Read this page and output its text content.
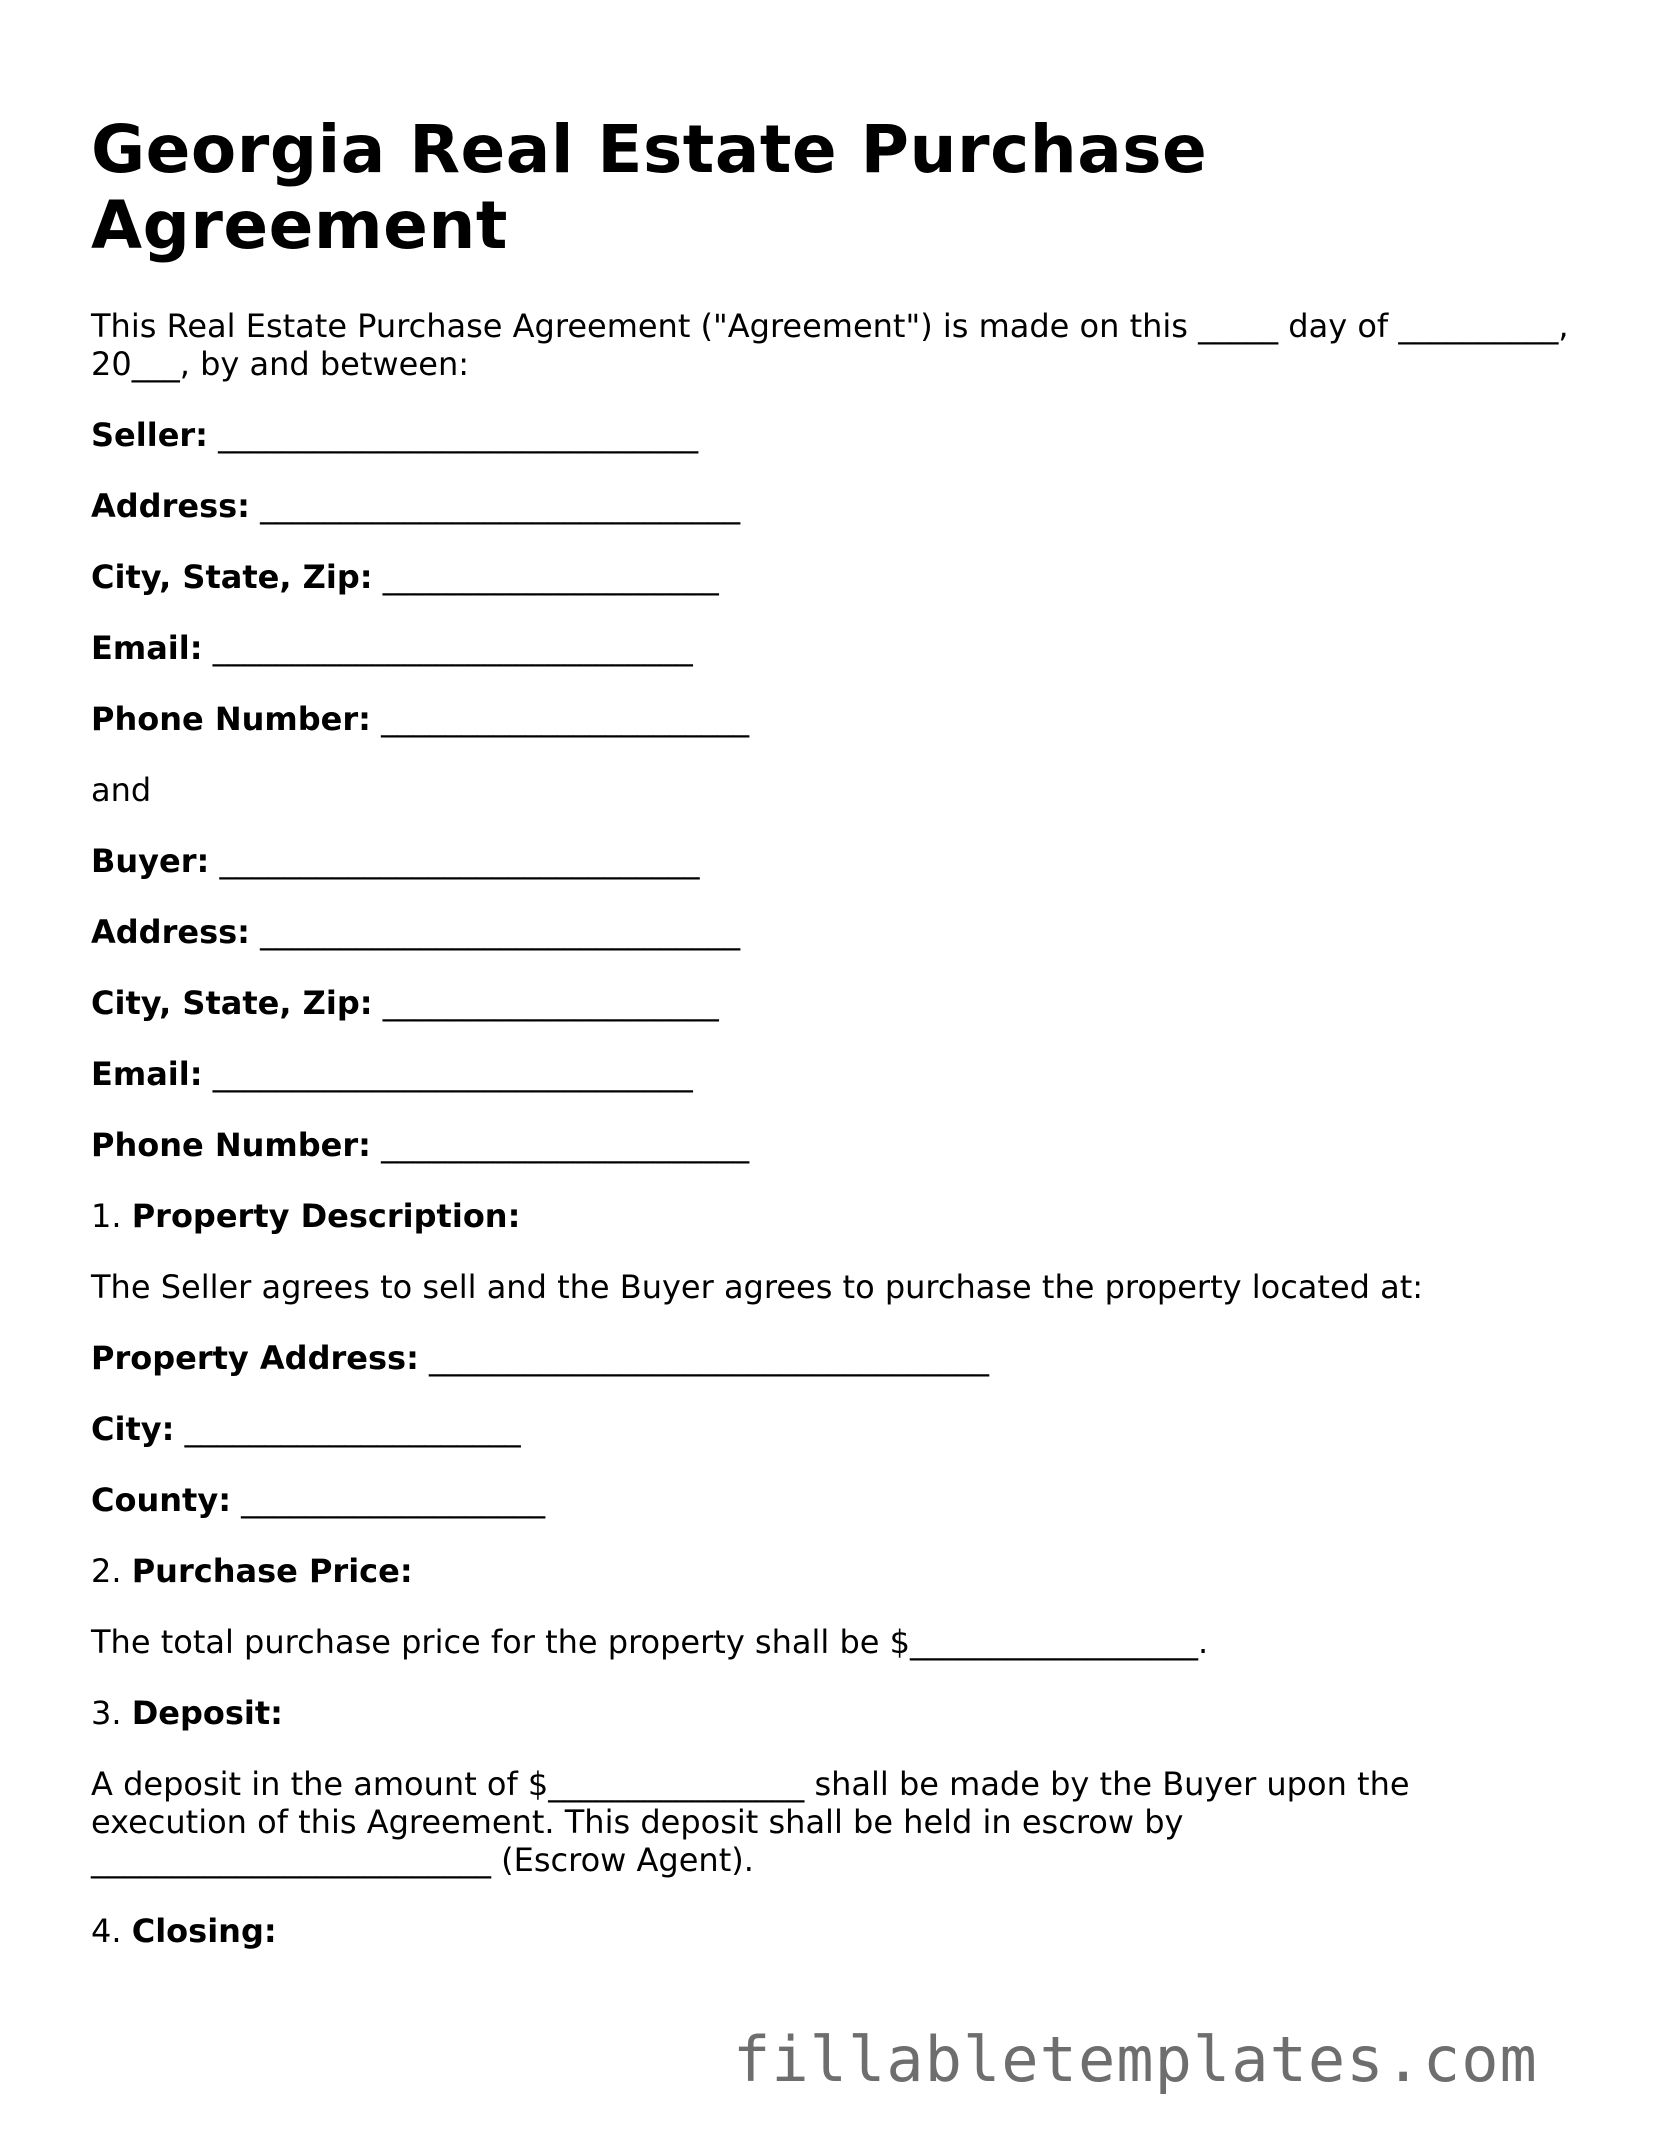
Georgia Real Estate Purchase Agreement

This Real Estate Purchase Agreement ("Agreement") is made on this _____ day of __________, 20___, by and between:

Seller: ______________________________

Address: ______________________________

City, State, Zip: _____________________

Email: ______________________________

Phone Number: _______________________

and

Buyer: ______________________________

Address: ______________________________

City, State, Zip: _____________________

Email: ______________________________

Phone Number: _______________________

1. Property Description:

The Seller agrees to sell and the Buyer agrees to purchase the property located at:

Property Address: ___________________________________

City: _____________________

County: ___________________

2. Purchase Price:

The total purchase price for the property shall be $__________________.

3. Deposit:

A deposit in the amount of $________________ shall be made by the Buyer upon the execution of this Agreement. This deposit shall be held in escrow by _________________________ (Escrow Agent).

4. Closing:

fillabletemplates.com
